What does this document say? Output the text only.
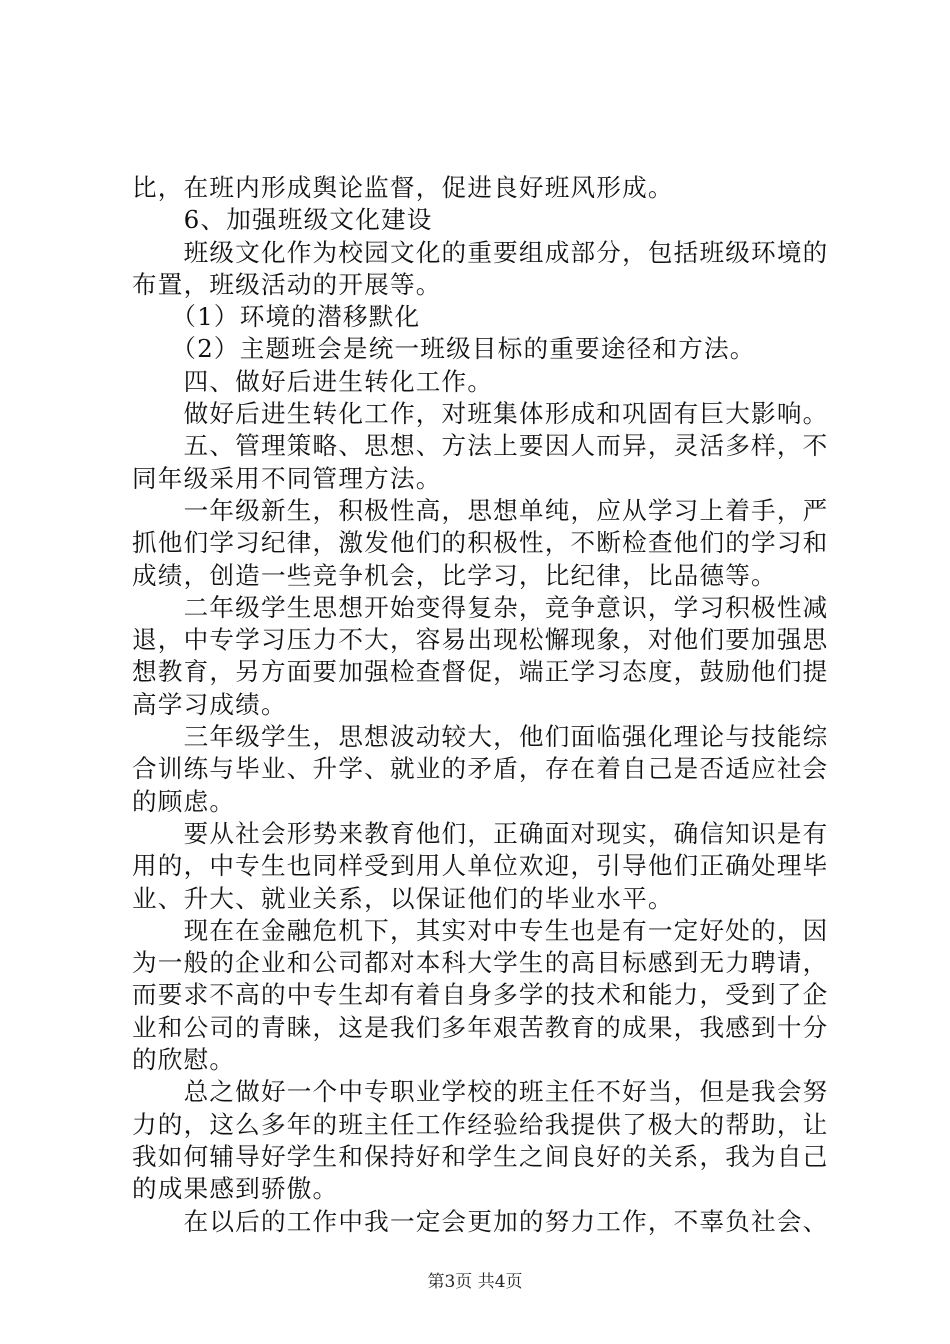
比，在班内形成舆论监督，促进良好班风形成。

　　6、加强班级文化建设

　　班级文化作为校园文化的重要组成部分，包括班级环境的
布置，班级活动的开展等。

　　（1）环境的潜移默化

　　（2）主题班会是统一班级目标的重要途径和方法。

　　四、做好后进生转化工作。

　　做好后进生转化工作，对班集体形成和巩固有巨大影响。

　　五、管理策略、思想、方法上要因人而异，灵活多样，不
同年级采用不同管理方法。

　　一年级新生，积极性高，思想单纯，应从学习上着手，严
抓他们学习纪律，激发他们的积极性，不断检查他们的学习和
成绩，创造一些竞争机会，比学习，比纪律，比品德等。

　　二年级学生思想开始变得复杂，竞争意识，学习积极性减
退，中专学习压力不大，容易出现松懈现象，对他们要加强思
想教育，另方面要加强检查督促，端正学习态度，鼓励他们提
高学习成绩。

　　三年级学生，思想波动较大，他们面临强化理论与技能综
合训练与毕业、升学、就业的矛盾，存在着自己是否适应社会
的顾虑。

　　要从社会形势来教育他们，正确面对现实，确信知识是有
用的，中专生也同样受到用人单位欢迎，引导他们正确处理毕
业、升大、就业关系，以保证他们的毕业水平。

　　现在在金融危机下，其实对中专生也是有一定好处的，因
为一般的企业和公司都对本科大学生的高目标感到无力聘请，
而要求不高的中专生却有着自身多学的技术和能力，受到了企
业和公司的青睐，这是我们多年艰苦教育的成果，我感到十分
的欣慰。

　　总之做好一个中专职业学校的班主任不好当，但是我会努
力的，这么多年的班主任工作经验给我提供了极大的帮助，让
我如何辅导好学生和保持好和学生之间良好的关系，我为自己
的成果感到骄傲。

　　在以后的工作中我一定会更加的努力工作，不辜负社会、

第3页 共4页
